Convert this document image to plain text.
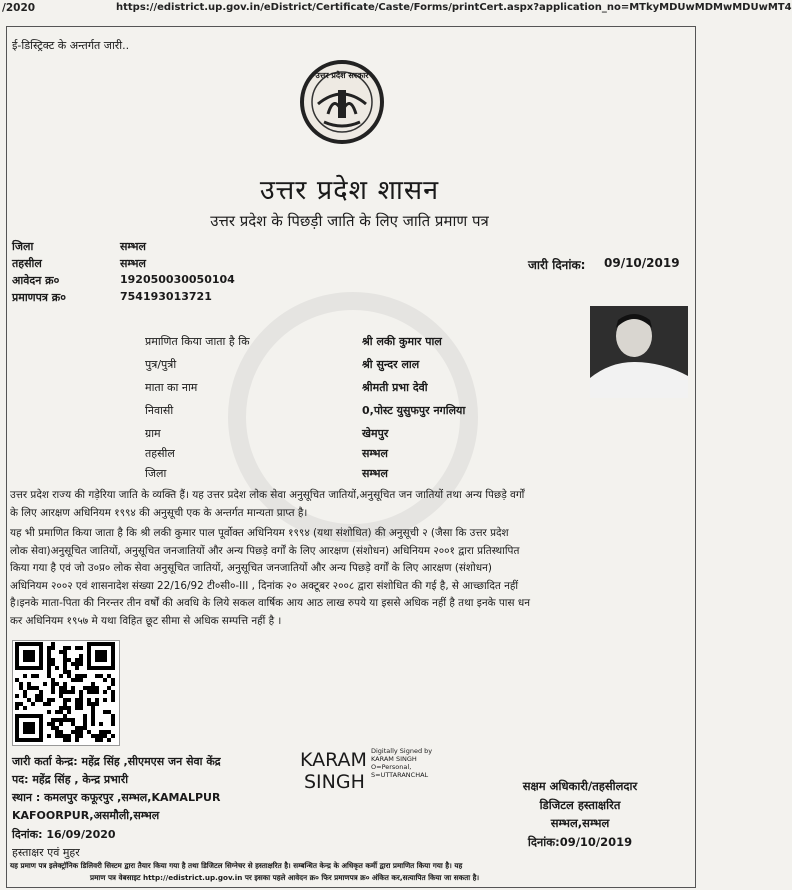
/2020	https://edistrict.up.gov.in/eDistrict/Certificate/Caste/Forms/printCert.aspx?application_no=MTkyMDUwMDMwMDUwMT4
ई-डिस्ट्रिक्ट के अन्तर्गत जारी..
उत्तर प्रदेश सरकार
उत्तर प्रदेश शासन
उत्तर प्रदेश के पिछड़ी जाति के लिए जाति प्रमाण पत्र
जिला	सम्भल
तहसील	सम्भल
आवेदन क्र०	192050030050104
प्रमाणपत्र क्र०	754193013721
जारी दिनांक: 09/10/2019
प्रमाणित किया जाता है कि	श्री लकी कुमार पाल
पुत्र/पुत्री	श्री सुन्दर लाल
माता का नाम	श्रीमती प्रभा देवी
निवासी	0,पोस्ट युसुफपुर नगलिया
ग्राम	खेमपुर
तहसील	सम्भल
जिला	सम्भल
उत्तर प्रदेश राज्य की गड़ेरिया जाति के व्यक्ति हैं। यह उत्तर प्रदेश लोक सेवा अनुसूचित जातियों,अनुसूचित जन जातियों तथा अन्य पिछड़े वर्गों
के लिए आरक्षण अधिनियम १९९४ की अनुसूची एक के अन्तर्गत मान्यता प्राप्त है।
यह भी प्रमाणित किया जाता है कि श्री लकी कुमार पाल पूर्वोक्त अधिनियम १९९४ (यथा संशोधित) की अनुसूची २ (जैसा कि उत्तर प्रदेश
लोक सेवा)अनुसूचित जातियों, अनुसूचित जनजातियों और अन्य पिछड़े वर्गों के लिए आरक्षण (संशोधन) अधिनियम २००१ द्वारा प्रतिस्थापित
किया गया है एवं जो उ०प्र० लोक सेवा अनुसूचित जातियों, अनुसूचित जनजातियों और अन्य पिछड़े वर्गों के लिए आरक्षण (संशोधन)
अधिनियम २००२ एवं शासनादेश संख्या 22/16/92 टी०सी०-III , दिनांक २० अक्टूबर २००८ द्वारा संशोधित की गई है, से आच्छादित नहीं
है।इनके माता-पिता की निरन्तर तीन वर्षों की अवधि के लिये सकल वार्षिक आय आठ लाख रुपये या इससे अधिक नहीं है तथा इनके पास धन
कर अधिनियम १९५७ मे यथा विहित छूट सीमा से अधिक सम्पत्ति नहीं है ।
जारी कर्ता केन्द्र: महेंद्र सिंह ,सीएमएस जन सेवा केंद्र
पद: महेंद्र सिंह , केन्द्र प्रभारी
स्थान : कमलपुर कफूरपुर ,सम्भल,KAMALPUR
KAFOORPUR,असमौली,सम्भल
दिनांक: 16/09/2020
हस्ताक्षर एवं मुहर
KARAM
SINGH
Digitally Signed by
KARAM SINGH
O=Personal,
S=UTTARANCHAL
सक्षम अधिकारी/तहसीलदार
डिजिटल हस्ताक्षरित
सम्भल,सम्भल
दिनांक:09/10/2019
यह प्रमाण पत्र इलेक्ट्रॉनिक डिलिवरी सिस्टम द्वारा तैयार किया गया है तथा डिजिटल सिग्नेचर से हस्ताक्षरित है। सम्बन्धित केन्द्र के अधिकृत कर्मी द्वारा प्रमाणित किया गया है। यह
प्रमाण पत्र वेबसाइट http://edistrict.up.gov.in पर इसका पहले आवेदन क्र० फिर प्रमाणपत्र क्र० अंकित कर,सत्यापित किया जा सकता है।
